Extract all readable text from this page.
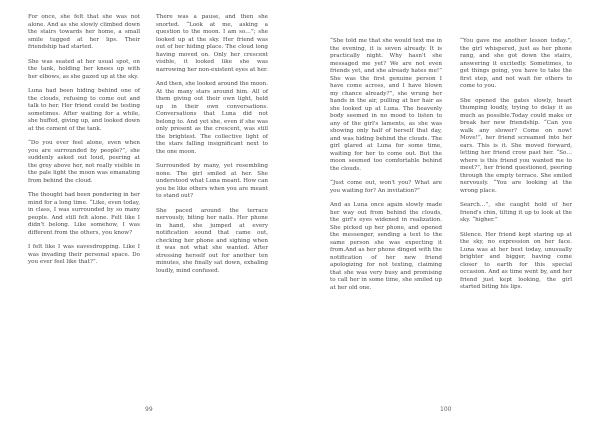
For once, she felt that she was not alone. And as she slowly climbed down the stairs towards her home, a small smile tugged at her lips. Their friendship had started.

She was seated at her usual spot, on the tank, holding her knees up with her elbows, as she gazed up at the sky.

Luna had been hiding behind one of the clouds, refusing to come out and talk to her. Her friend could be testing sometimes. After waiting for a while, she huffed, giving up, and looked down at the cement of the tank.

“Do you ever feel alone, even when you are surrounded by people?”, she suddenly asked out loud, peering at the grey above her, not really visible in the pale light the moon was emanating from behind the cloud.

The thought had been pondering in her mind for a long time. “Like, even today, in class, I was surrounded by so many people. And still felt alone. Felt like I didn't belong. Like somehow, I was different from the others, you know?

I felt like I was eavesdropping. Like I was invading their personal space. Do you ever feel like that?”.

There was a pause, and then she snorted. “Look at me, asking a question to the moon. I am so…”; she looked up at the sky. Her friend was out of her hiding place. The cloud long having moved on. Only her crescent visible, it looked like she was narrowing her non-existent eyes at her.

And then, she looked around the moon. At the many stars around him. All of them giving out their own light, held up in their own conversations. Conversations that Luna did not belong to. And yet she, even if she was only present as the crescent, was still the brightest. The collective light of the stars falling insignificant next to the one moon.

Surrounded by many, yet resembling none. The girl smiled at her. She understood what Luna meant. How can you be like others when you are meant to stand out?

She paced around the terrace nervously, biting her nails. Her phone in hand, she jumped at every notification sound that came out, checking her phone and sighing when it was not what she wanted. After stressing herself out for another ten minutes, she finally sat down, exhaling loudly, mind confused.

99

“She told me that she would text me in the evening, it is seven already. It is practically night. Why hasn't she messaged me yet? We are not even friends yet, and she already hates me!” She was the first genuine person I have come across, and I have blown my chance already?”, she wrung her hands in the air, pulling at her hair as she looked up at Luna. The heavenly body seemed in no mood to listen to any of the girl's laments, as she was showing only half of herself that day, and was hiding behind the clouds. The girl glared at Luna for some time, waiting for her to come out. But the moon seemed too comfortable behind the clouds.

“Just come out, won't you? What are you waiting for? An invitation?”

And as Luna once again slowly made her way out from behind the clouds, the girl's eyes widened in realization. She picked up her phone, and opened the messenger, sending a text to the same person she was expecting it from.And as her phone dinged with the notification of her new friend apologizing for not texting, claiming that she was very busy and promising to call her in some time, she smiled up at her old one.

“You gave me another lesson today.”, the girl whispered, just as her phone rang, and she got down the stairs, answering it excitedly. Sometimes, to get things going, you have to take the first step, and not wait for others to come to you.

She opened the gates slowly, heart thumping loudly, trying to delay it as much as possible.Today could make or break her new friendship. “Can you walk any slower? Come on now! Move!”, her friend screamed into her ears. This is it. She moved forward, letting her friend crow past her. “So… where is this friend you wanted me to meet?”, her friend questioned, peering through the empty terrace. She smiled nervously. “You are looking at the wrong place.

Search…”, she caught hold of her friend's chin, tilting it up to look at the sky. “higher.”

Silence. Her friend kept staring up at the sky, no expression on her face. Luna was at her best today, unusually brighter and bigger, having come closer to earth for this special occasion. And as time went by, and her friend just kept looking, the girl started biting his lips.

100
